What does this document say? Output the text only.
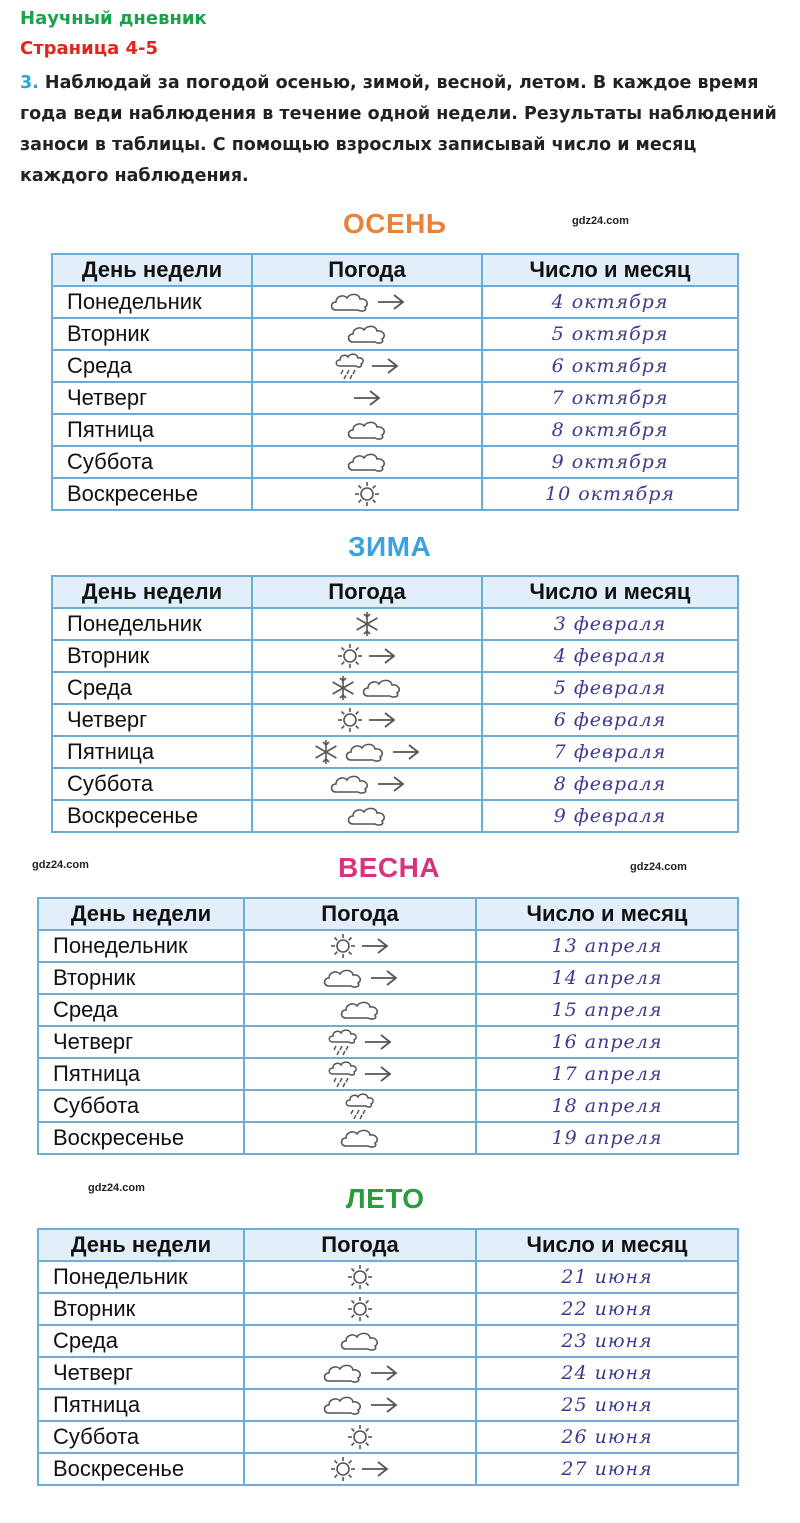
Научный дневник
Страница 4-5
3. Наблюдай за погодой осенью, зимой, весной, летом. В каждое время года веди наблюдения в течение одной недели. Результаты наблюдений заноси в таблицы. С помощью взрослых записывай число и месяц каждого наблюдения.
gdz24.com
gdz24.com	gdz24.com
gdz24.com
ОСЕНЬ
ЗИМА
ВЕСНА
ЛЕТО
День недели	Погода	Число и месяц
Понедельник		4 октября
Вторник		5 октября
Среда		6 октября
Четверг		7 октября
Пятница		8 октября
Суббота		9 октября
Воскресенье		10 октября
День недели	Погода	Число и месяц
Понедельник		3 февраля
Вторник		4 февраля
Среда		5 февраля
Четверг		6 февраля
Пятница		7 февраля
Суббота		8 февраля
Воскресенье		9 февраля
День недели	Погода	Число и месяц
Понедельник		13 апреля
Вторник		14 апреля
Среда		15 апреля
Четверг		16 апреля
Пятница		17 апреля
Суббота		18 апреля
Воскресенье		19 апреля
День недели	Погода	Число и месяц
Понедельник		21 июня
Вторник		22 июня
Среда		23 июня
Четверг		24 июня
Пятница		25 июня
Суббота		26 июня
Воскресенье		27 июня
